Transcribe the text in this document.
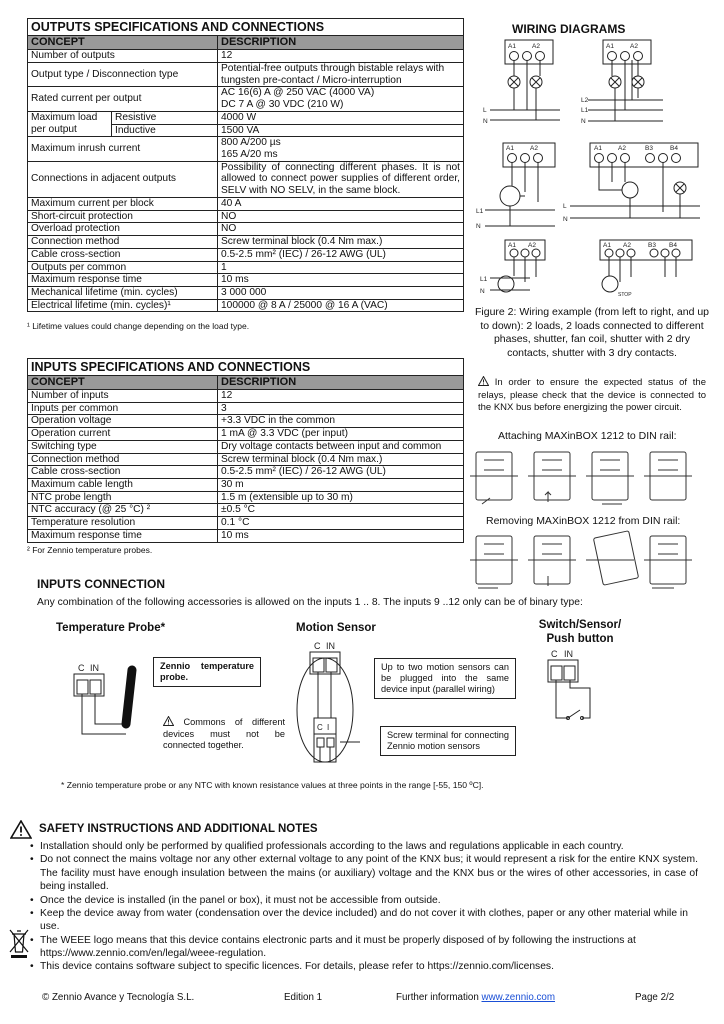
OUTPUTS SPECIFICATIONS AND CONNECTIONS		
CONCEPT		DESCRIPTION
Number of outputs		12
Output type / Disconnection type		Potential-free outputs through bistable relays with tungsten pre-contact / Micro-interruption
Rated current per output		AC 16(6) A @ 250 VAC (4000 VA)
DC 7 A @ 30 VDC (210 W)

Maximum load per output	Resistive	4000 W
	Inductive	1500 VA
Maximum inrush current		800 A/200 µs
165 A/20 ms

Connections in adjacent outputs		Possibility of connecting different phases. It is not allowed to connect power supplies of different order, SELV with NO SELV, in the same block.
Maximum current per block		40 A
Short-circuit protection		NO
Overload protection		NO
Connection method		Screw terminal block (0.4 Nm max.)
Cable cross-section		0.5-2.5 mm² (IEC) / 26-12 AWG (UL)
Outputs per common		1
Maximum response time		10 ms
Mechanical lifetime (min. cycles)		3 000 000
Electrical lifetime (min. cycles)¹		100000 @ 8 A / 25000 @ 16 A (VAC)
¹ Lifetime values could change depending on the load type.
INPUTS SPECIFICATIONS AND CONNECTIONS	
CONCEPT	DESCRIPTION
Number of inputs	12
Inputs per common	3
Operation voltage	+3.3 VDC in the common
Operation current	1 mA @ 3.3 VDC (per input)
Switching type	Dry voltage contacts between input and common
Connection method	Screw terminal block (0.4 Nm max.)
Cable cross-section	0.5-2.5 mm² (IEC) / 26-12 AWG (UL)
Maximum cable length	30 m
NTC probe length	1.5 m (extensible up to 30 m)
NTC accuracy (@ 25 °C) ²	±0.5 °C
Temperature resolution	0.1 °C
Maximum response time	10 ms
² For Zennio temperature probes.
WIRING DIAGRAMS
A1 A2	A1 A2
A1 A2	A1 A2	B3	B4
A1 A2	A1 A2	B3 B4
L
N
L2
L1
N
L1
N
L
N
L1
N	STOP
Figure 2: Wiring example (from left to right, and up to down): 2 loads, 2 loads connected to different phases, shutter, fan coil, shutter with 2 dry contacts, shutter with 3 dry contacts.
In order to ensure the expected status of the relays, please check that the device is connected to the KNX bus before energizing the power circuit.
Attaching MAXinBOX 1212 to DIN rail:
Removing MAXinBOX 1212 from DIN rail:
INPUTS CONNECTION
Any combination of the following accessories is allowed on the inputs 1 .. 8. The inputs 9 ..12 only can be of binary type:
Temperature Probe*	Motion Sensor	Switch/Sensor/
Push button
C IN	Zennio temperature probe.
Commons of different devices must not be connected together.
C IN
C I
Up to two motion sensors can be plugged into the same device input (parallel wiring)
Screw terminal for connecting Zennio motion sensors
C IN
* Zennio temperature probe or any NTC with known resistance values at three points in the range [-55, 150 ºC].
SAFETY INSTRUCTIONS AND ADDITIONAL NOTES
• Installation should only be performed by qualified professionals according to the laws and regulations applicable in each country.
• Do not connect the mains voltage nor any other external voltage to any point of the KNX bus; it would represent a risk for the entire KNX system. The facility must have enough insulation between the mains (or auxiliary) voltage and the KNX bus or the wires of other accessories, in case of being installed.
• Once the device is installed (in the panel or box), it must not be accessible from outside.
• Keep the device away from water (condensation over the device included) and do not cover it with clothes, paper or any other material while in use.
• The WEEE logo means that this device contains electronic parts and it must be properly disposed of by following the instructions at https://www.zennio.com/en/legal/weee-regulation.
• This device contains software subject to specific licences. For details, please refer to https://zennio.com/licenses.
© Zennio Avance y Tecnología S.L.	Edition 1	Further information www.zennio.com	Page 2/2
